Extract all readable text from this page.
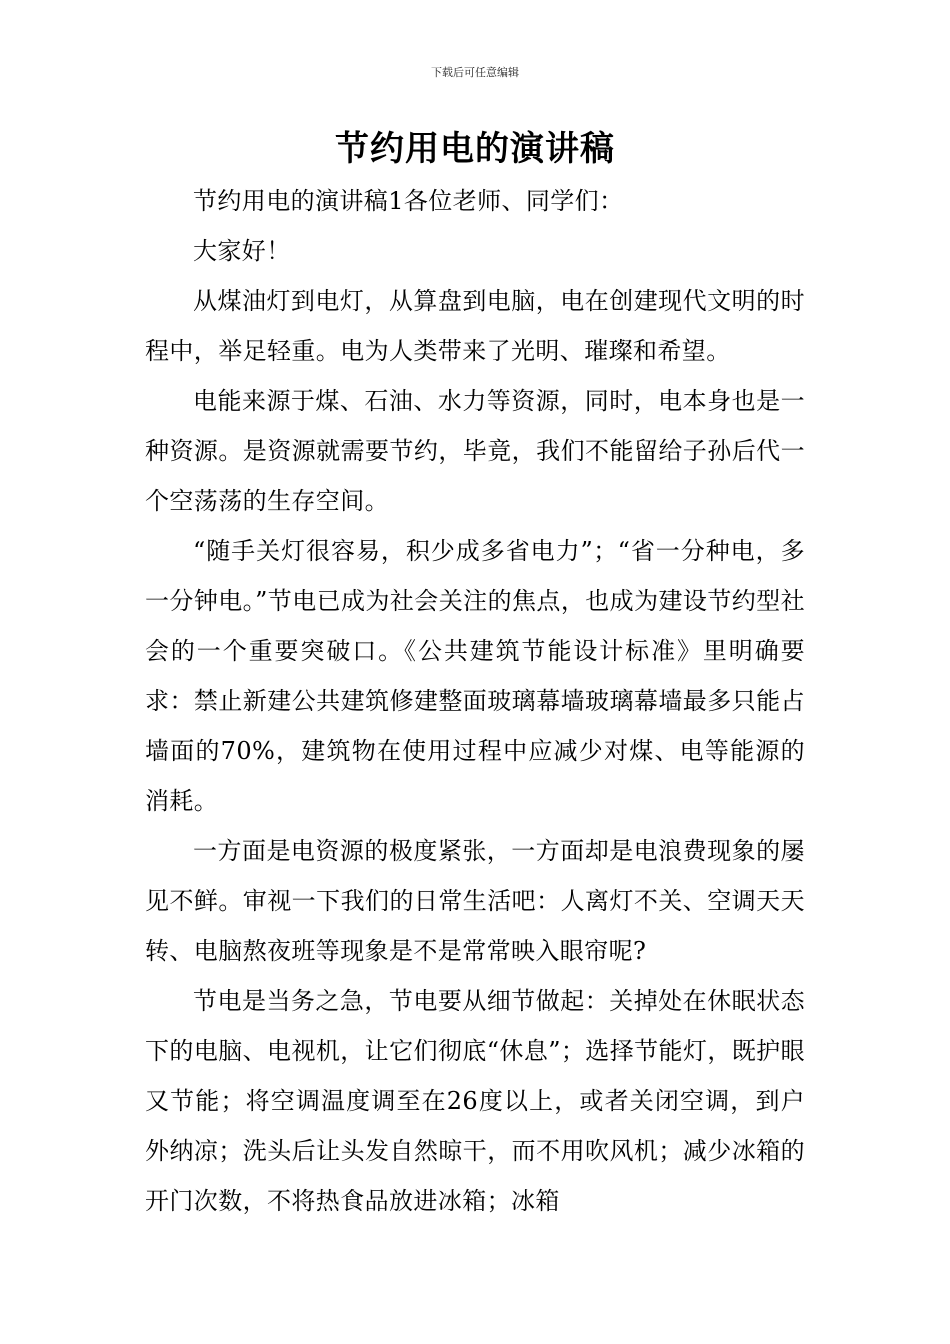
下载后可任意编辑
节约用电的演讲稿

节约用电的演讲稿1各位老师、同学们：

大家好！

从煤油灯到电灯，从算盘到电脑，电在创建现代文明的时程中，举足轻重。电为人类带来了光明、璀璨和希望。

电能来源于煤、石油、水力等资源，同时，电本身也是一种资源。是资源就需要节约，毕竟，我们不能留给子孙后代一个空荡荡的生存空间。

“随手关灯很容易，积少成多省电力”；“省一分种电，多一分钟电。”节电已成为社会关注的焦点，也成为建设节约型社会的一个重要突破口。《公共建筑节能设计标准》里明确要求：禁止新建公共建筑修建整面玻璃幕墙玻璃幕墙最多只能占墙面的70%，建筑物在使用过程中应减少对煤、电等能源的消耗。

一方面是电资源的极度紧张，一方面却是电浪费现象的屡见不鲜。审视一下我们的日常生活吧：人离灯不关、空调天天转、电脑熬夜班等现象是不是常常映入眼帘呢?

节电是当务之急，节电要从细节做起：关掉处在休眠状态下的电脑、电视机，让它们彻底“休息”；选择节能灯，既护眼又节能；将空调温度调至在26度以上，或者关闭空调，到户外纳凉；洗头后让头发自然晾干，而不用吹风机；减少冰箱的开门次数，不将热食品放进冰箱；冰箱
